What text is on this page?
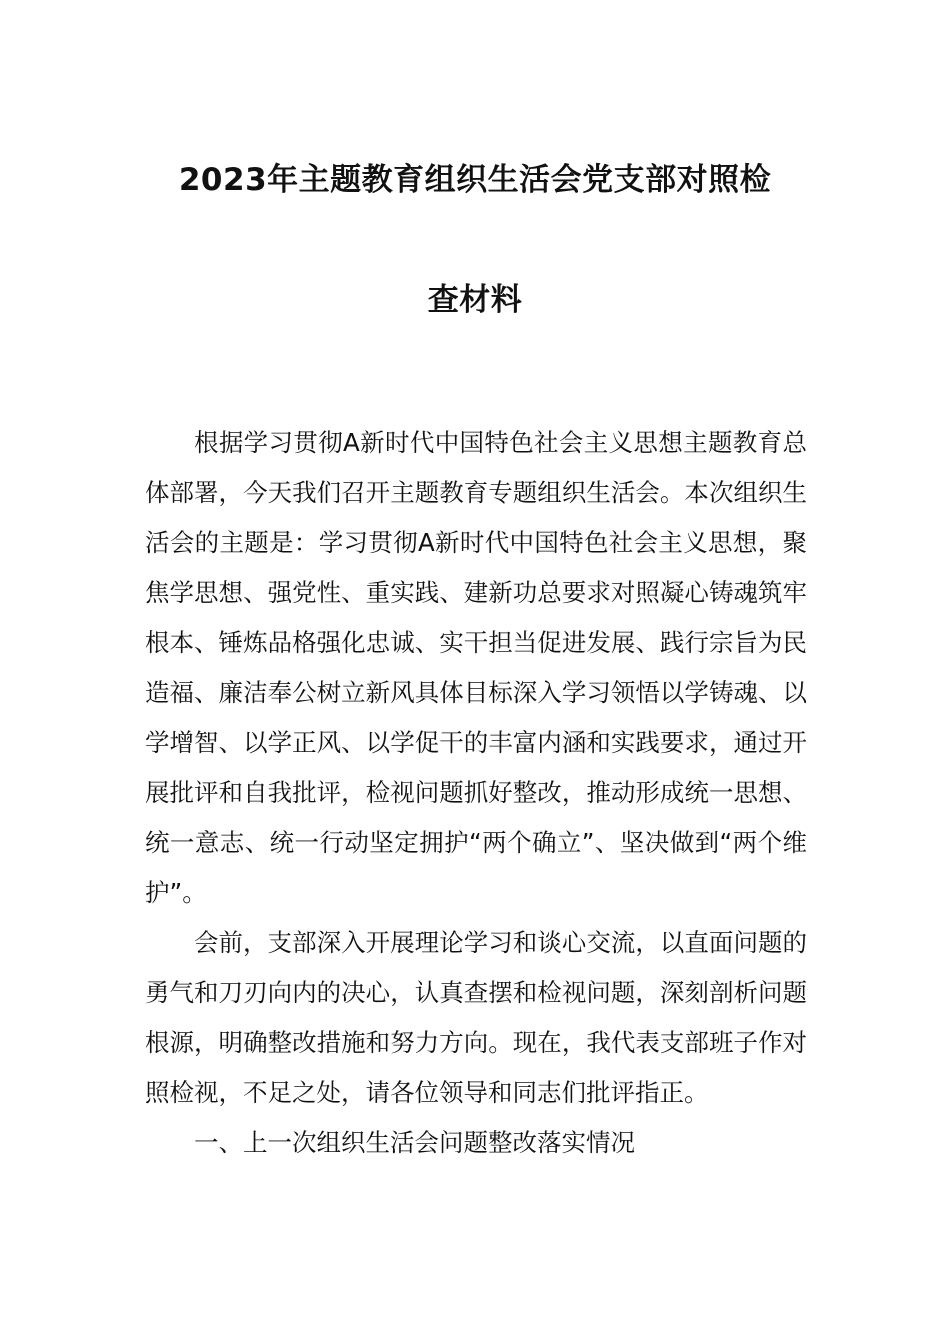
2023年主题教育组织生活会党支部对照检
查材料

根据学习贯彻A新时代中国特色社会主义思想主题教育总体部署，今天我们召开主题教育专题组织生活会。本次组织生活会的主题是：学习贯彻A新时代中国特色社会主义思想，聚焦学思想、强党性、重实践、建新功总要求对照凝心铸魂筑牢根本、锤炼品格强化忠诚、实干担当促进发展、践行宗旨为民造福、廉洁奉公树立新风具体目标深入学习领悟以学铸魂、以学增智、以学正风、以学促干的丰富内涵和实践要求，通过开展批评和自我批评，检视问题抓好整改，推动形成统一思想、统一意志、统一行动坚定拥护“两个确立”、坚决做到“两个维护”。

会前，支部深入开展理论学习和谈心交流，以直面问题的勇气和刀刃向内的决心，认真查摆和检视问题，深刻剖析问题根源，明确整改措施和努力方向。现在，我代表支部班子作对照检视，不足之处，请各位领导和同志们批评指正。

一、上一次组织生活会问题整改落实情况
